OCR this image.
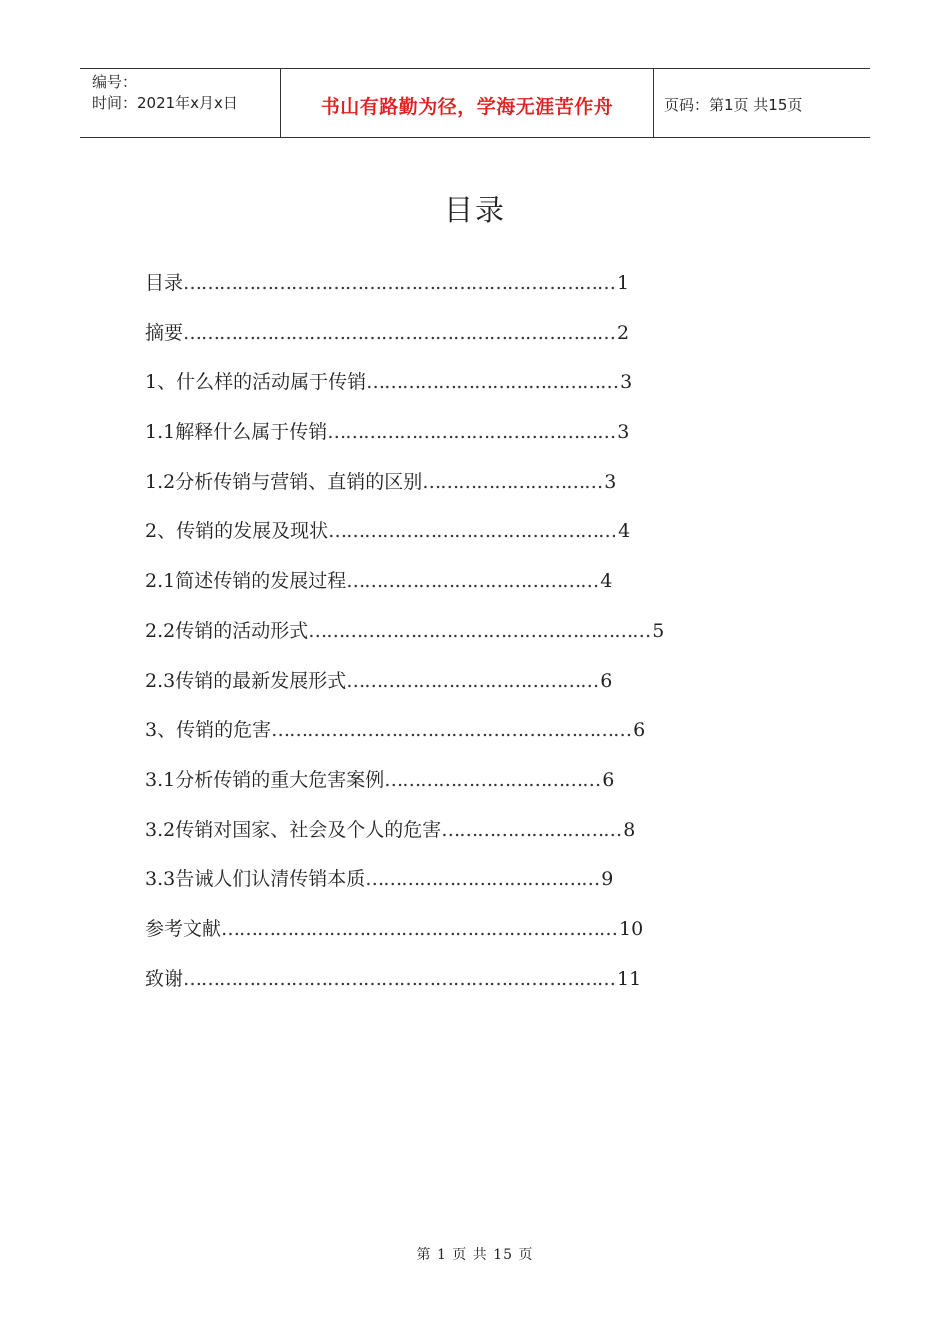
编号：
时间：2021年x月x日	书山有路勤为径，学海无涯苦作舟	页码：第1页 共15页
目录
目录 ……………………………………………………………… 1
摘要 ……………………………………………………………… 2
1、什么样的活动属于传销 …………………………………… 3
1.1解释什么属于传销 ………………………………………… 3
1.2分析传销与营销、直销的区别 ………………………… 3
2、传销的发展及现状 ………………………………………… 4
2.1简述传销的发展过程 …………………………………… 4
2.2传销的活动形式 ………………………………………………… 5
2.3传销的最新发展形式 …………………………………… 6
3、传销的危害 …………………………………………………… 6
3.1分析传销的重大危害案例 ……………………………… 6
3.2传销对国家、社会及个人的危害 ………………………… 8
3.3告诫人们认清传销本质 ………………………………… 9
参考文献 ………………………………………………………… 10
致谢 ……………………………………………………………… 11

第 1 页 共 15 页
